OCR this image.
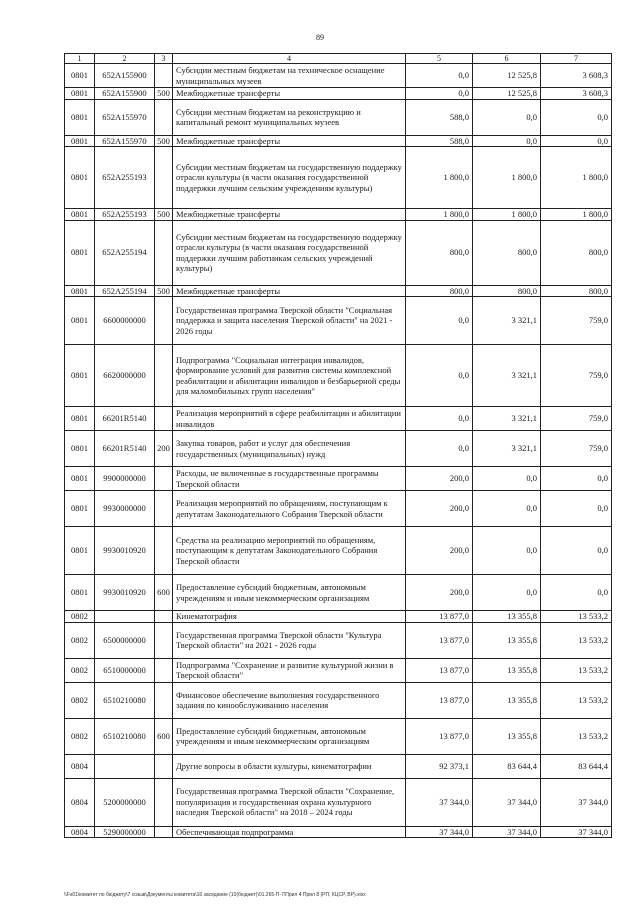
89
1	2	3	4	5	6	7
0801	652A155900		Субсидии местным бюджетам на техническое оснащение муниципальных музеев	0,0	12 525,8	3 608,3
0801	652A155900	500	Межбюджетные трансферты	0,0	12 525,8	3 608,3
0801	652A155970		Субсидии местным бюджетам на реконструкцию и капитальный ремонт муниципальных музеев	588,0	0,0	0,0
0801	652A155970	500	Межбюджетные трансферты	588,0	0,0	0,0
0801	652A255193		Субсидии местным бюджетам на государственную поддержку отрасли культуры (в части оказания государственной поддержки лучшим сельским учреждениям культуры)	1 800,0	1 800,0	1 800,0
0801	652A255193	500	Межбюджетные трансферты	1 800,0	1 800,0	1 800,0
0801	652A255194		Субсидии местным бюджетам на государственную поддержку отрасли культуры (в части оказания государственной поддержки лучшим работникам сельских учреждений культуры)	800,0	800,0	800,0
0801	652A255194	500	Межбюджетные трансферты	800,0	800,0	800,0
0801	6600000000		Государственная программа Тверской области "Социальная поддержка и защита населения Тверской области" на 2021 - 2026 годы	0,0	3 321,1	759,0
0801	6620000000		Подпрограмма "Социальная интеграция инвалидов, формирование условий для развития системы комплексной реабилитации и абилитации инвалидов и безбарьерной среды для маломобильных групп населения"	0,0	3 321,1	759,0
0801	66201R5140		Реализация мероприятий в сфере реабилитации и абилитации инвалидов	0,0	3 321,1	759,0
0801	66201R5140	200	Закупка товаров, работ и услуг для обеспечения государственных (муниципальных) нужд	0,0	3 321,1	759,0
0801	9900000000		Расходы, не включенные в государственные программы Тверской области	200,0	0,0	0,0
0801	9930000000		Реализация мероприятий по обращениям, поступающим к депутатам Законодательного Собрания Тверской области	200,0	0,0	0,0
0801	9930010920		Средства на реализацию мероприятий по обращениям, поступающим к депутатам Законодательного Собрания Тверской области	200,0	0,0	0,0
0801	9930010920	600	Предоставление субсидий бюджетным, автономным учреждениям и иным некоммерческим организациям	200,0	0,0	0,0
0802			Кинематография	13 877,0	13 355,8	13 533,2
0802	6500000000		Государственная программа Тверской области "Культура Тверской области" на 2021 - 2026 годы	13 877,0	13 355,8	13 533,2
0802	6510000000		Подпрограмма "Сохранение и развитие культурной жизни в Тверской области"	13 877,0	13 355,8	13 533,2
0802	6510210080		Финансовое обеспечение выполнения государственного задания по кинообслуживанию населения	13 877,0	13 355,8	13 533,2
0802	6510210080	600	Предоставление субсидий бюджетным, автономным учреждениям и иным некоммерческим организациям	13 877,0	13 355,8	13 533,2
0804			Другие вопросы в области культуры, кинематографии	92 373,1	83 644,4	83 644,4
0804	5200000000		Государственная программа Тверской области "Сохранение, популяризация и государственная охрана культурного наследия Тверской области" на 2018 – 2024 годы	37 344,0	37 344,0	37 344,0
0804	5290000000		Обеспечивающая подпрограмма	37 344,0	37 344,0	37 344,0
\\Fs01\комитет по бюджету\7 созыв\Документы комитета\16 заседание (10(бюджет)\01.265-П-7\Прил 4 Прил 8 (РП, КЦСР, ВР).xlsx
